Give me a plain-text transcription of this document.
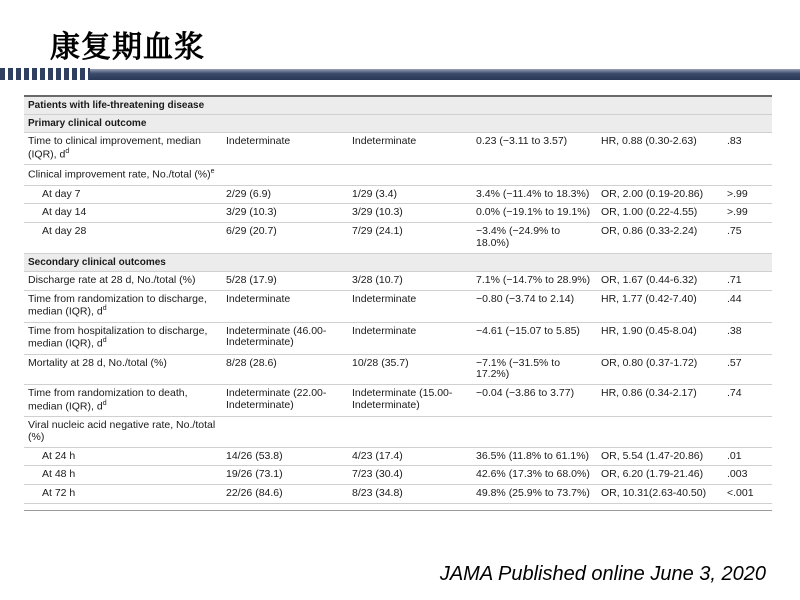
康复期血浆
Patients with life-threatening disease					
Primary clinical outcome					
Time to clinical improvement, median (IQR), $d^d$	Indeterminate	Indeterminate	0.23 (−3.11 to 3.57)	HR, 0.88 (0.30-2.63)	.83
Clinical improvement rate, No./total (%)$^e$					
At day 7	2/29 (6.9)	1/29 (3.4)	3.4% (−11.4% to 18.3%)	OR, 2.00 (0.19-20.86)	>.99
At day 14	3/29 (10.3)	3/29 (10.3)	0.0% (−19.1% to 19.1%)	OR, 1.00 (0.22-4.55)	>.99
At day 28	6/29 (20.7)	7/29 (24.1)	−3.4% (−24.9% to 18.0%)	OR, 0.86 (0.33-2.24)	.75
Secondary clinical outcomes					
Discharge rate at 28 d, No./total (%)	5/28 (17.9)	3/28 (10.7)	7.1% (−14.7% to 28.9%)	OR, 1.67 (0.44-6.32)	.71
Time from randomization to discharge, median (IQR), $d^d$	Indeterminate	Indeterminate	−0.80 (−3.74 to 2.14)	HR, 1.77 (0.42-7.40)	.44
Time from hospitalization to discharge, median (IQR), $d^d$	Indeterminate (46.00-Indeterminate)	Indeterminate	−4.61 (−15.07 to 5.85)	HR, 1.90 (0.45-8.04)	.38
Mortality at 28 d, No./total (%)	8/28 (28.6)	10/28 (35.7)	−7.1% (−31.5% to 17.2%)	OR, 0.80 (0.37-1.72)	.57
Time from randomization to death, median (IQR), $d^d$	Indeterminate (22.00-Indeterminate)	Indeterminate (15.00-Indeterminate)	−0.04 (−3.86 to 3.77)	HR, 0.86 (0.34-2.17)	.74
Viral nucleic acid negative rate, No./total (%)					
At 24 h	14/26 (53.8)	4/23 (17.4)	36.5% (11.8% to 61.1%)	OR, 5.54 (1.47-20.86)	.01
At 48 h	19/26 (73.1)	7/23 (30.4)	42.6% (17.3% to 68.0%)	OR, 6.20 (1.79-21.46)	.003
At 72 h	22/26 (84.6)	8/23 (34.8)	49.8% (25.9% to 73.7%)	OR, 10.31(2.63-40.50)	<.001
JAMA Published online June 3, 2020
